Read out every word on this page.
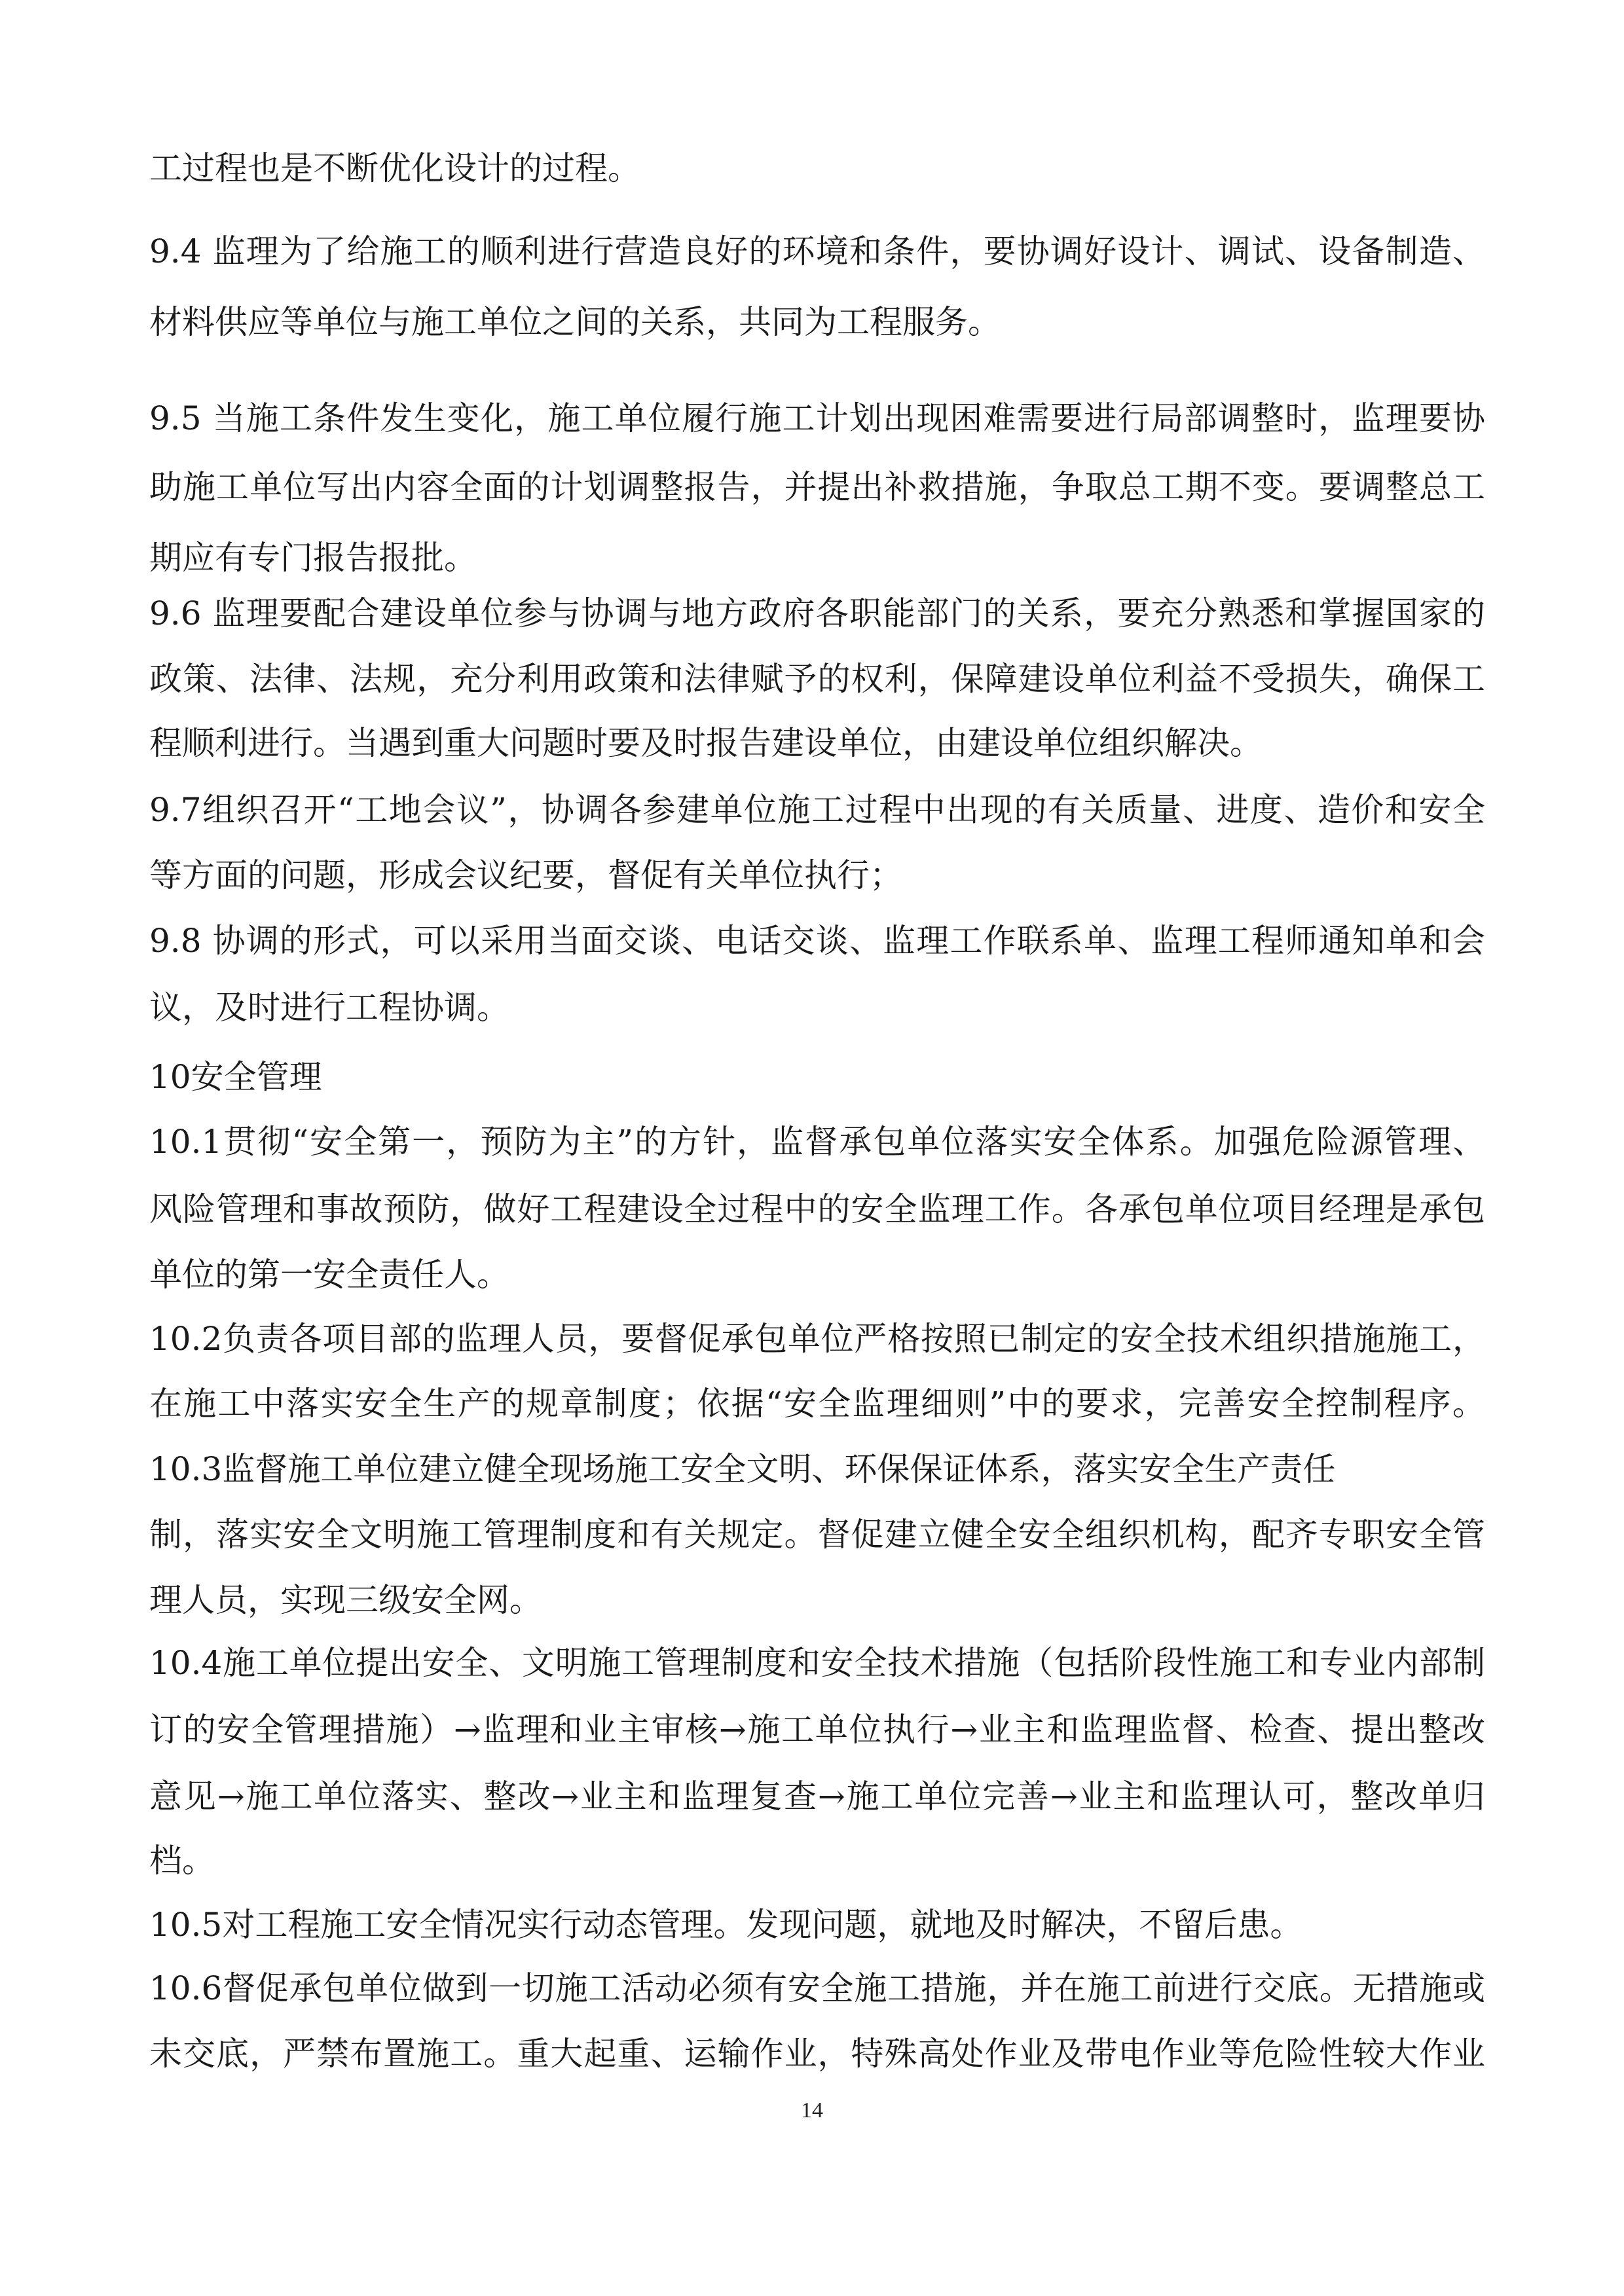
工过程也是不断优化设计的过程。
9.4 监理为了给施工的顺利进行营造良好的环境和条件，要协调好设计、调试、设备制造、
材料供应等单位与施工单位之间的关系，共同为工程服务。
9.5 当施工条件发生变化，施工单位履行施工计划出现困难需要进行局部调整时，监理要协
助施工单位写出内容全面的计划调整报告，并提出补救措施，争取总工期不变。要调整总工
期应有专门报告报批。
9.6 监理要配合建设单位参与协调与地方政府各职能部门的关系，要充分熟悉和掌握国家的
政策、法律、法规，充分利用政策和法律赋予的权利，保障建设单位利益不受损失，确保工
程顺利进行。当遇到重大问题时要及时报告建设单位，由建设单位组织解决。
9.7组织召开“工地会议”，协调各参建单位施工过程中出现的有关质量、进度、造价和安全
等方面的问题，形成会议纪要，督促有关单位执行；
9.8 协调的形式，可以采用当面交谈、电话交谈、监理工作联系单、监理工程师通知单和会
议，及时进行工程协调。
10安全管理
10.1贯彻“安全第一，预防为主”的方针，监督承包单位落实安全体系。加强危险源管理、
风险管理和事故预防，做好工程建设全过程中的安全监理工作。各承包单位项目经理是承包
单位的第一安全责任人。
10.2负责各项目部的监理人员，要督促承包单位严格按照已制定的安全技术组织措施施工，
在施工中落实安全生产的规章制度；依据“安全监理细则”中的要求，完善安全控制程序。
10.3监督施工单位建立健全现场施工安全文明、环保保证体系，落实安全生产责任
制，落实安全文明施工管理制度和有关规定。督促建立健全安全组织机构，配齐专职安全管
理人员，实现三级安全网。
10.4施工单位提出安全、文明施工管理制度和安全技术措施（包括阶段性施工和专业内部制
订的安全管理措施）→监理和业主审核→施工单位执行→业主和监理监督、检查、提出整改
意见→施工单位落实、整改→业主和监理复查→施工单位完善→业主和监理认可，整改单归
档。
10.5对工程施工安全情况实行动态管理。发现问题，就地及时解决，不留后患。
10.6督促承包单位做到一切施工活动必须有安全施工措施，并在施工前进行交底。无措施或
未交底，严禁布置施工。重大起重、运输作业，特殊高处作业及带电作业等危险性较大作业
14
